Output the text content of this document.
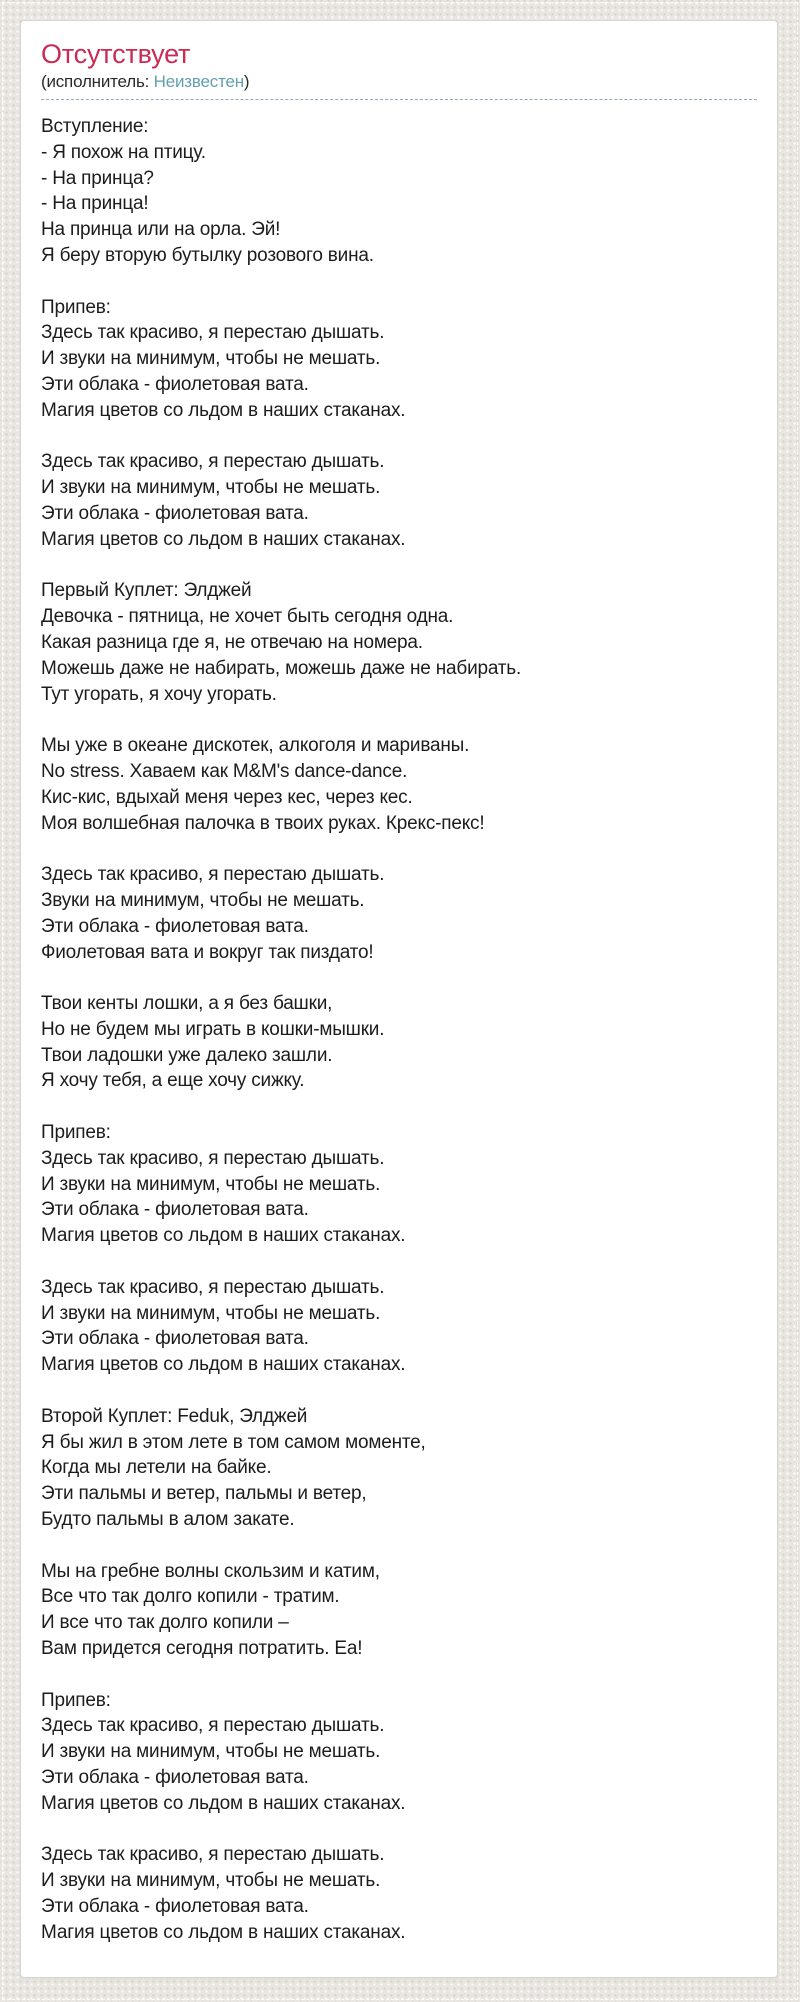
Отсутствует
(исполнитель: Неизвестен)
Вступление:
- Я похож на птицу.
- На принца?
- На принца!
На принца или на орла. Эй!
Я беру вторую бутылку розового вина.
Припев:
Здесь так красиво, я перестаю дышать.
И звуки на минимум, чтобы не мешать.
Эти облака - фиолетовая вата.
Магия цветов со льдом в наших стаканах.
Здесь так красиво, я перестаю дышать.
И звуки на минимум, чтобы не мешать.
Эти облака - фиолетовая вата.
Магия цветов со льдом в наших стаканах.
Первый Куплет: Элджей
Девочка - пятница, не хочет быть сегодня одна.
Какая разница где я, не отвечаю на номера.
Можешь даже не набирать, можешь даже не набирать.
Тут угорать, я хочу угорать.
Мы уже в океане дискотек, алкоголя и мариваны.
No stress. Хаваем как M&M's dance-dance.
Кис-кис, вдыхай меня через кес, через кес.
Моя волшебная палочка в твоих руках. Крекс-пекс!
Здесь так красиво, я перестаю дышать.
Звуки на минимум, чтобы не мешать.
Эти облака - фиолетовая вата.
Фиолетовая вата и вокруг так пиздато!
Твои кенты лошки, а я без башки,
Но не будем мы играть в кошки-мышки.
Твои ладошки уже далеко зашли.
Я хочу тебя, а еще хочу сижку.
Припев:
Здесь так красиво, я перестаю дышать.
И звуки на минимум, чтобы не мешать.
Эти облака - фиолетовая вата.
Магия цветов со льдом в наших стаканах.
Здесь так красиво, я перестаю дышать.
И звуки на минимум, чтобы не мешать.
Эти облака - фиолетовая вата.
Магия цветов со льдом в наших стаканах.
Второй Куплет: Feduk, Элджей
Я бы жил в этом лете в том самом моменте,
Когда мы летели на байке.
Эти пальмы и ветер, пальмы и ветер,
Будто пальмы в алом закате.
Мы на гребне волны скользим и катим,
Все что так долго копили - тратим.
И все что так долго копили –
Вам придется сегодня потратить. Еа!
Припев:
Здесь так красиво, я перестаю дышать.
И звуки на минимум, чтобы не мешать.
Эти облака - фиолетовая вата.
Магия цветов со льдом в наших стаканах.
Здесь так красиво, я перестаю дышать.
И звуки на минимум, чтобы не мешать.
Эти облака - фиолетовая вата.
Магия цветов со льдом в наших стаканах.
